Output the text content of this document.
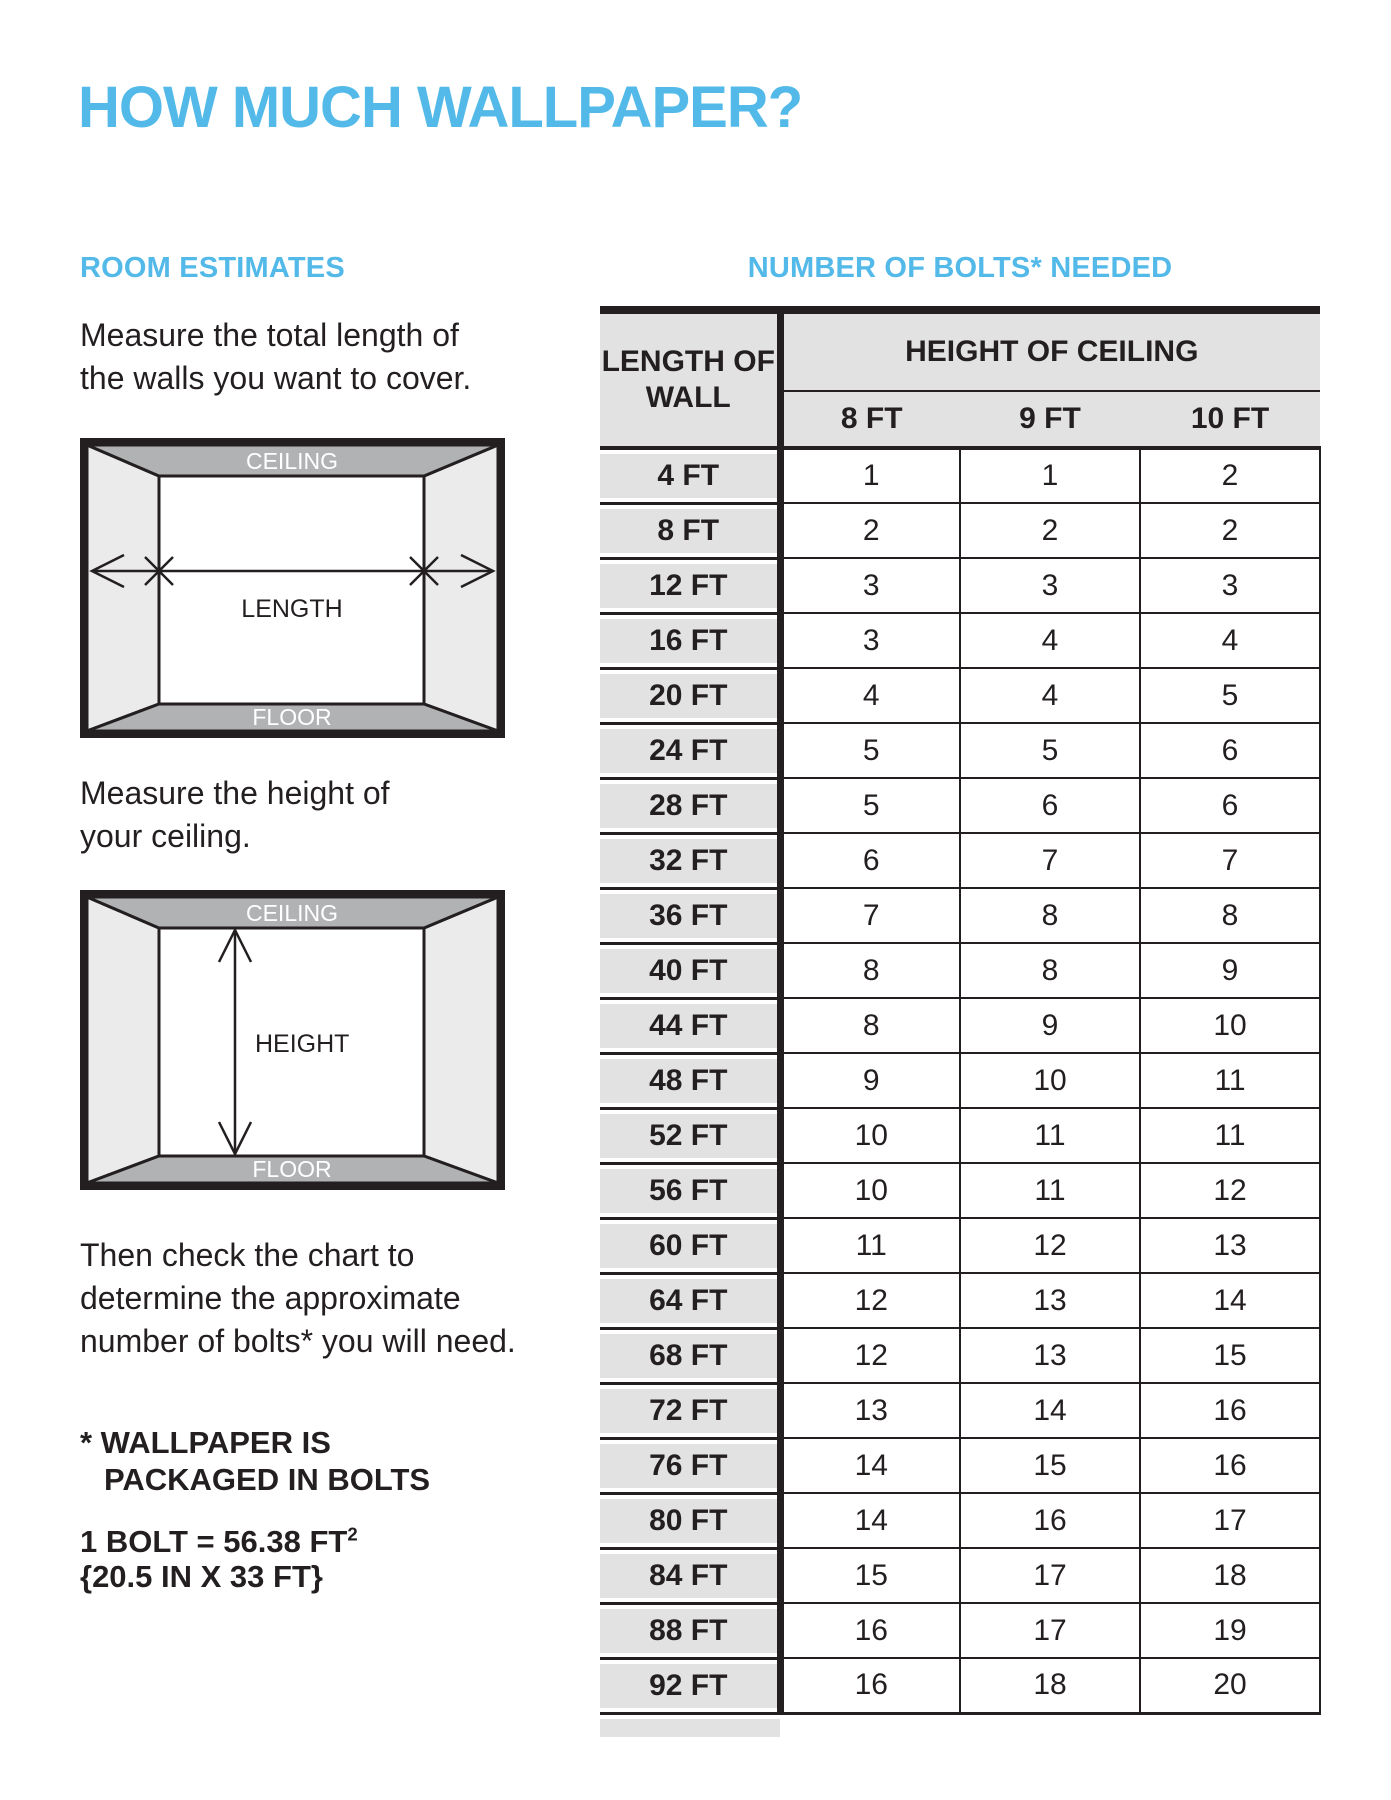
HOW MUCH WALLPAPER?
ROOM ESTIMATES	NUMBER OF BOLTS* NEEDED
Measure the total length of
the walls you want to cover.
CEILING
FLOOR
LENGTH
Measure the height of
your ceiling.
CEILING
FLOOR
HEIGHT
Then check the chart to
determine the approximate
number of bolts* you will need.
* WALLPAPER IS
PACKAGED IN BOLTS
1 BOLT = 56.38 $FT^2$
{20.5 IN X 33 FT}
LENGTH OF WALL	HEIGHT OF CEILING		
	8 FT	9 FT	10 FT
4 FT	1	1	2
8 FT	2	2	2
12 FT	3	3	3
16 FT	3	4	4
20 FT	4	4	5
24 FT	5	5	6
28 FT	5	6	6
32 FT	6	7	7
36 FT	7	8	8
40 FT	8	8	9
44 FT	8	9	10
48 FT	9	10	11
52 FT	10	11	11
56 FT	10	11	12
60 FT	11	12	13
64 FT	12	13	14
68 FT	12	13	15
72 FT	13	14	16
76 FT	14	15	16
80 FT	14	16	17
84 FT	15	17	18
88 FT	16	17	19
92 FT	16	18	20
